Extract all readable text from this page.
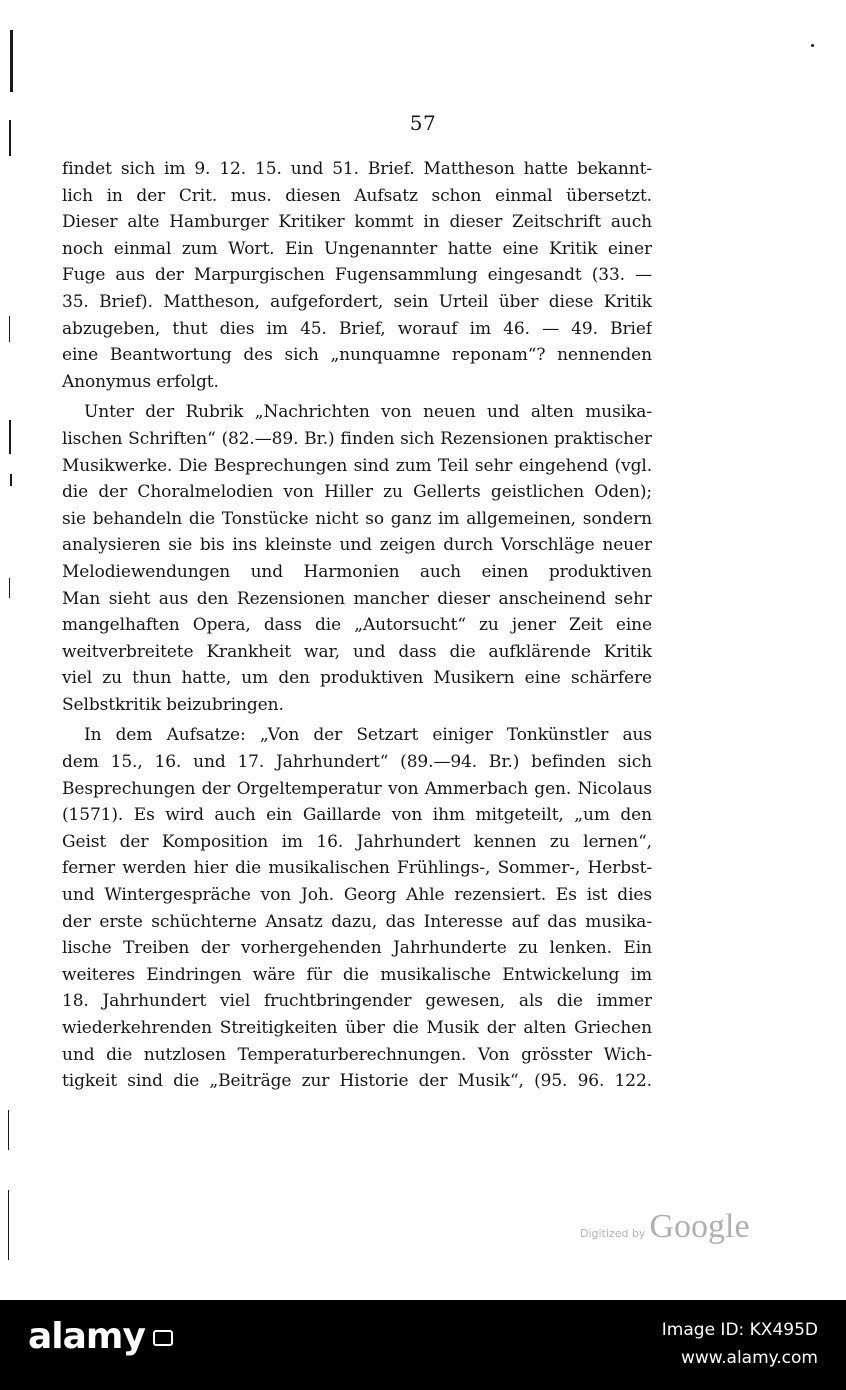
57
findet sich im 9. 12. 15. und 51. Brief. Mattheson hatte bekannt-
lich in der Crit. mus. diesen Aufsatz schon einmal übersetzt.
Dieser alte Hamburger Kritiker kommt in dieser Zeitschrift auch
noch einmal zum Wort. Ein Ungenannter hatte eine Kritik einer
Fuge aus der Marpurgischen Fugensammlung eingesandt (33. —
35. Brief). Mattheson, aufgefordert, sein Urteil über diese Kritik
abzugeben, thut dies im 45. Brief, worauf im 46. — 49. Brief
eine Beantwortung des sich „nunquamne reponam“? nennenden
Anonymus erfolgt.
Unter der Rubrik „Nachrichten von neuen und alten musika-
lischen Schriften“ (82.—89. Br.) finden sich Rezensionen praktischer
Musikwerke. Die Besprechungen sind zum Teil sehr eingehend (vgl.
die der Choralmelodien von Hiller zu Gellerts geistlichen Oden);
sie behandeln die Tonstücke nicht so ganz im allgemeinen, sondern
analysieren sie bis ins kleinste und zeigen durch Vorschläge neuer
Melodiewendungen und Harmonien auch einen produktiven
Man sieht aus den Rezensionen mancher dieser anscheinend sehr
mangelhaften Opera, dass die „Autorsucht“ zu jener Zeit eine
weitverbreitete Krankheit war, und dass die aufklärende Kritik
viel zu thun hatte, um den produktiven Musikern eine schärfere
Selbstkritik beizubringen.
In dem Aufsatze: „Von der Setzart einiger Tonkünstler aus
dem 15., 16. und 17. Jahrhundert“ (89.—94. Br.) befinden sich
Besprechungen der Orgeltemperatur von Ammerbach gen. Nicolaus
(1571). Es wird auch ein Gaillarde von ihm mitgeteilt, „um den
Geist der Komposition im 16. Jahrhundert kennen zu lernen“,
ferner werden hier die musikalischen Frühlings-, Sommer-, Herbst-
und Wintergespräche von Joh. Georg Ahle rezensiert. Es ist dies
der erste schüchterne Ansatz dazu, das Interesse auf das musika-
lische Treiben der vorhergehenden Jahrhunderte zu lenken. Ein
weiteres Eindringen wäre für die musikalische Entwickelung im
18. Jahrhundert viel fruchtbringender gewesen, als die immer
wiederkehrenden Streitigkeiten über die Musik der alten Griechen
und die nutzlosen Temperaturberechnungen. Von grösster Wich-
tigkeit sind die „Beiträge zur Historie der Musik“, (95. 96. 122.
Digitized by Google
alamy	Image ID: KX495D
www.alamy.com
